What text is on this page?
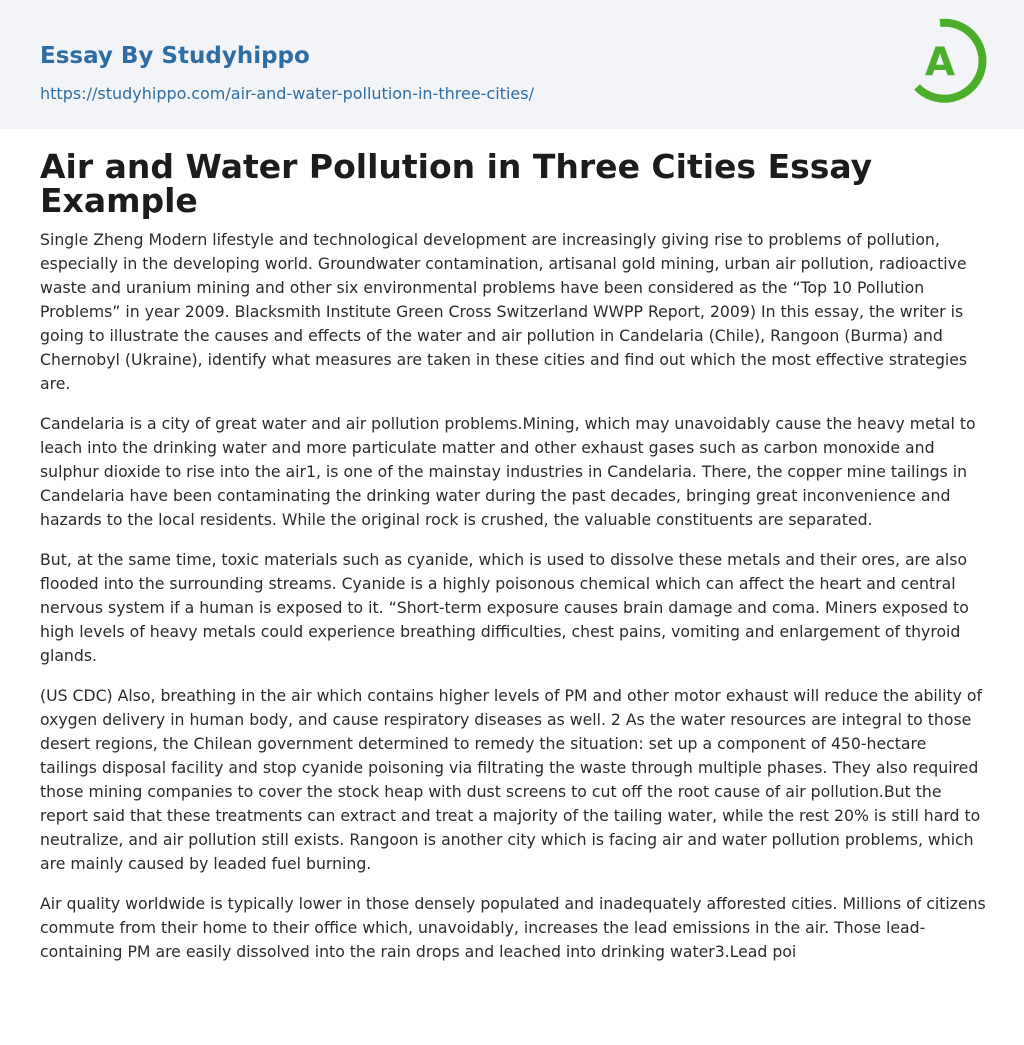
Essay By Studyhippo
https://studyhippo.com/air-and-water-pollution-in-three-cities/
A
Air and Water Pollution in Three Cities Essay Example

Single Zheng Modern lifestyle and technological development are increasingly giving rise to problems of pollution, especially in the developing world. Groundwater contamination, artisanal gold mining, urban air pollution, radioactive waste and uranium mining and other six environmental problems have been considered as the “Top 10 Pollution Problems” in year 2009. Blacksmith Institute Green Cross Switzerland WWPP Report, 2009) In this essay, the writer is going to illustrate the causes and effects of the water and air pollution in Candelaria (Chile), Rangoon (Burma) and Chernobyl (Ukraine), identify what measures are taken in these cities and find out which the most effective strategies are.

Candelaria is a city of great water and air pollution problems.Mining, which may unavoidably cause the heavy metal to leach into the drinking water and more particulate matter and other exhaust gases such as carbon monoxide and sulphur dioxide to rise into the air1, is one of the mainstay industries in Candelaria. There, the copper mine tailings in Candelaria have been contaminating the drinking water during the past decades, bringing great inconvenience and hazards to the local residents. While the original rock is crushed, the valuable constituents are separated.

But, at the same time, toxic materials such as cyanide, which is used to dissolve these metals and their ores, are also flooded into the surrounding streams. Cyanide is a highly poisonous chemical which can affect the heart and central nervous system if a human is exposed to it. “Short-term exposure causes brain damage and coma. Miners exposed to high levels of heavy metals could experience breathing difficulties, chest pains, vomiting and enlargement of thyroid glands.

(US CDC) Also, breathing in the air which contains higher levels of PM and other motor exhaust will reduce the ability of oxygen delivery in human body, and cause respiratory diseases as well. 2 As the water resources are integral to those desert regions, the Chilean government determined to remedy the situation: set up a component of 450-hectare tailings disposal facility and stop cyanide poisoning via filtrating the waste through multiple phases. They also required those mining companies to cover the stock heap with dust screens to cut off the root cause of air pollution.But the report said that these treatments can extract and treat a majority of the tailing water, while the rest 20% is still hard to neutralize, and air pollution still exists. Rangoon is another city which is facing air and water pollution problems, which are mainly caused by leaded fuel burning.

Air quality worldwide is typically lower in those densely populated and inadequately afforested cities. Millions of citizens commute from their home to their office which, unavoidably, increases the lead emissions in the air. Those lead-containing PM are easily dissolved into the rain drops and leached into drinking water3.Lead poi
